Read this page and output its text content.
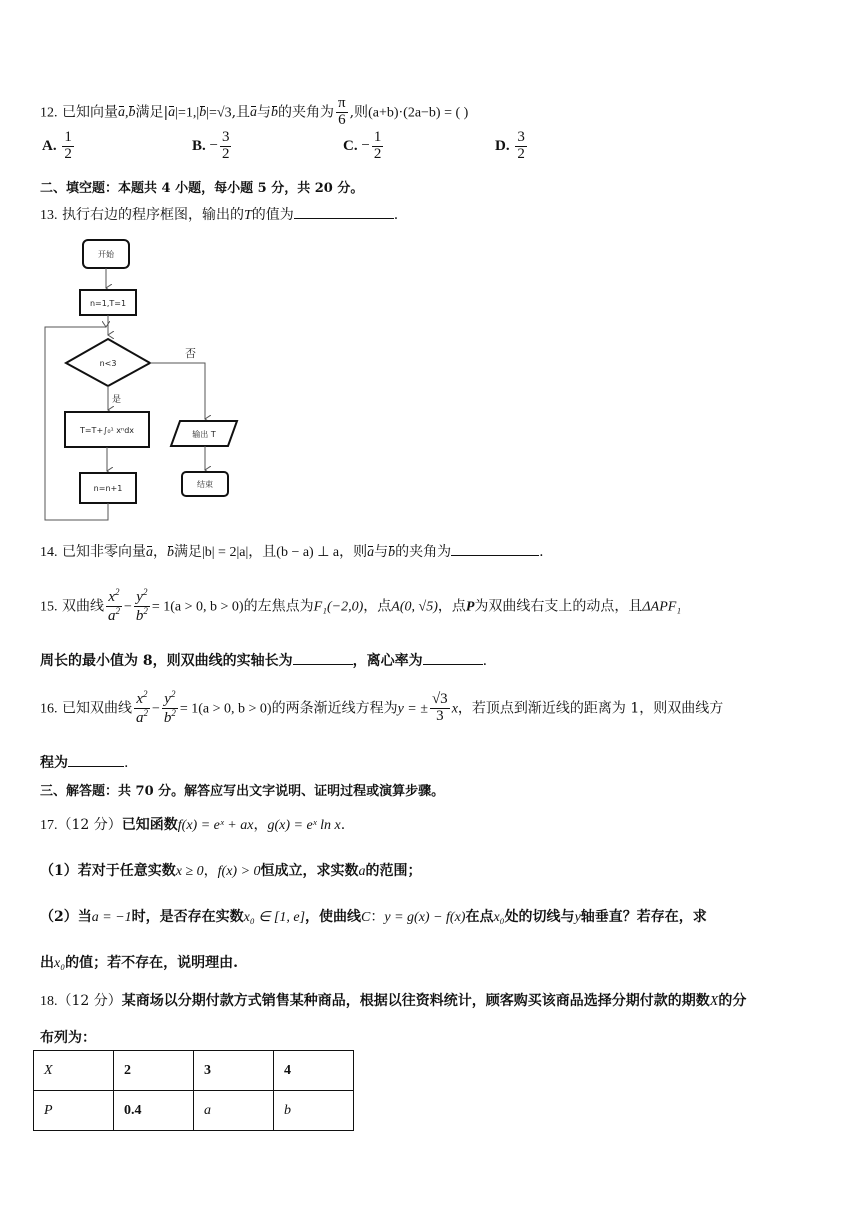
12. 已知向量a,b满足|a|=1,|b|=√3,且a与b的夹角为 $\frac{\pi}{6}$ ,则(a+b)·(2a−b) = ( )
A. $\frac{1}{2}$	B. − $\frac{3}{2}$	C. − $\frac{1}{2}$	D. $\frac{3}{2}$
二、填空题：本题共 4 小题，每小题 5 分，共 20 分。
13. 执行右边的程序框图，输出的T的值为	.
开始
n=1,T=1
n<3
否
是
T=T+∫₀¹ xⁿdx
n=n+1
输出 T
结束
14. 已知非零向量a，b满足|b| = 2|a|，且(b − a) ⊥ a，则a与b的夹角为	.
15. 双曲线 $\frac{x^2}{a^2} - \frac{y^2}{b^2} = 1(a > 0$, b > 0)的左焦点为F₁(−2,0)，点A(0, √5)，点P为双曲线右支上的动点，且ΔAPF₁
周长的最小值为 8，则双曲线的实轴长为	，离心率为	.
16. 已知双曲线 $\frac{x^2}{a^2} - \frac{y^2}{b^2} = 1(a > 0$, b > 0)的两条渐近线方程为y = ± $\frac{√3}{3}$ x，若顶点到渐近线的距离为 1，则双曲线方
程为	.
三、解答题：共 70 分。解答应写出文字说明、证明过程或演算步骤。
17.（12 分）已知函数f(x) = eˣ + ax，g(x) = eˣ ln x.
（1）若对于任意实数x ≥ 0，f(x) > 0恒成立，求实数a的范围；
（2）当a = −1时，是否存在实数x₀ ∈ [1, e]，使曲线C：y = g(x) − f(x)在点x₀处的切线与y轴垂直？若存在，求
出x₀的值；若不存在，说明理由.
18.（12 分）某商场以分期付款方式销售某种商品，根据以往资料统计，顾客购买该商品选择分期付款的期数X的分
布列为：
X	2	3	4
P	0.4	a	b
